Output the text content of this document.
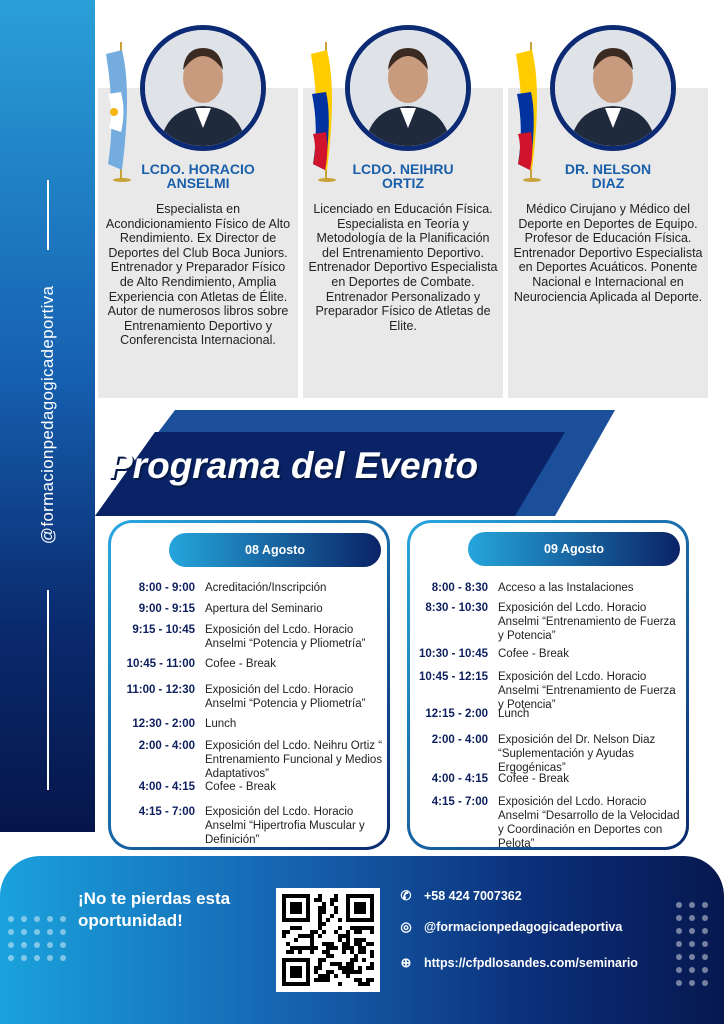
@formacionpedagogicadeportiva
LCDO. HORACIO
ANSELMI
Especialista en Acondicionamiento Físico de Alto Rendimiento. Ex Director de Deportes del Club Boca Juniors. Entrenador y Preparador Físico de Alto Rendimiento, Amplia Experiencia con Atletas de Élite. Autor de numerosos libros sobre Entrenamiento Deportivo y Conferencista Internacional.
LCDO. NEIHRU
ORTIZ
Licenciado en Educación Física. Especialista en Teoría y Metodología de la Planificación del Entrenamiento Deportivo. Entrenador Deportivo Especialista en Deportes de Combate. Entrenador Personalizado y Preparador Físico de Atletas de Elite.
DR. NELSON
DIAZ
Médico Cirujano y Médico del Deporte en Deportes de Equipo. Profesor de Educación Física. Entrenador Deportivo Especialista en Deportes Acuáticos. Ponente Nacional e Internacional en Neurociencia Aplicada al Deporte.
Programa del Evento
08 Agosto
8:00 - 9:00 Acreditación/Inscripción
9:00 - 9:15 Apertura del Seminario
9:15 - 10:45 Exposición del Lcdo. Horacio Anselmi “Potencia y Pliometría”
10:45 - 11:00 Cofee - Break
11:00 - 12:30 Exposición del Lcdo. Horacio Anselmi “Potencia y Pliometría”
12:30 - 2:00 Lunch
2:00 - 4:00 Exposición del Lcdo. Neihru Ortiz “ Entrenamiento Funcional y Medios Adaptativos”
4:00 - 4:15 Cofee - Break
4:15 - 7:00 Exposición del Lcdo. Horacio Anselmi “Hipertrofia Muscular y Definición”
09 Agosto
8:00 - 8:30 Acceso a las Instalaciones
8:30 - 10:30 Exposición del Lcdo. Horacio Anselmi “Entrenamiento de Fuerza y Potencia”
10:30 - 10:45 Cofee - Break
10:45 - 12:15 Exposición del Lcdo. Horacio Anselmi “Entrenamiento de Fuerza y Potencia”
12:15 - 2:00 Lunch
2:00 - 4:00 Exposición del Dr. Nelson Diaz “Suplementación y Ayudas Ergogénicas”
4:00 - 4:15 Cofee - Break
4:15 - 7:00 Exposición del Lcdo. Horacio Anselmi “Desarrollo de la Velocidad y Coordinación en Deportes con Pelota”
¡No te pierdas esta oportunidad!
✆ +58 424 7007362
◎ @formacionpedagogicadeportiva
⊕ https://cfpdlosandes.com/seminario
